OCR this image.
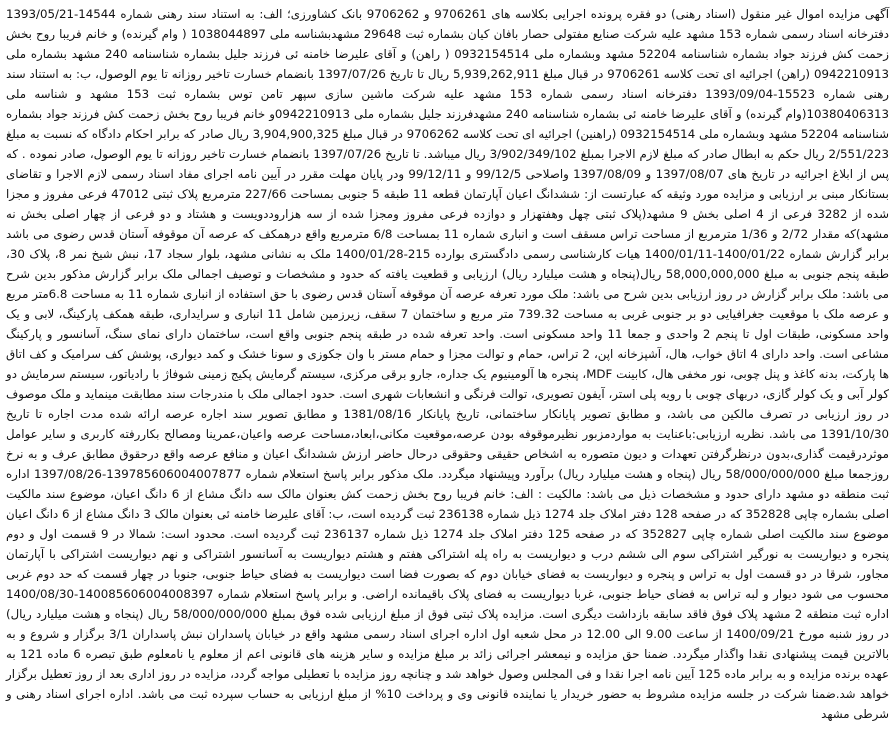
آگهی مزایده اموال غیر منقول (اسناد رهنی) دو فقره پرونده اجرایی بکلاسه های 9706261 و 9706262 بانک کشاورزی؛ الف: به استناد سند رهنی شماره 14544-1393/05/21 دفترخانه اسناد رسمی شماره 153 مشهد علیه شرکت صنایع مفتولی حصار بافان کیان بشماره ثبت 29648 مشهدبشناسه ملی 1038044897 ( وام گیرنده) و خانم فریبا روح بخش زحمت کش فرزند جواد بشماره شناسنامه 52204 مشهد وبشماره ملی 0932154514 ( راهن) و آقای علیرضا خامنه ئی فرزند جلیل بشماره شناسنامه 240 مشهد بشماره ملی 0942210913 (راهن) اجرائیه ای تحت کلاسه 9706261 در قبال مبلغ 5,939,262,911 ریال تا تاریخ 1397/07/26 بانضمام خسارت تاخیر روزانه تا یوم الوصول، ب: به استناد سند رهنی شماره 15523-1393/09/04 دفترخانه اسناد رسمی شماره 153 مشهد علیه شرکت ماشین سازی سپهر تامن توس بشماره ثبت 153 مشهد و شناسه ملی 10380406313(وام گیرنده) و آقای علیرضا خامنه ئی بشماره شناسنامه 240 مشهدفرزند جلیل بشماره ملی 0942210913و خانم فریبا روح بخش زحمت کش فرزند جواد بشماره شناسنامه 52204 مشهد وبشماره ملی 0932154514 (راهنین) اجرائیه ای تحت کلاسه 9706262 در قبال مبلغ 3,904,900,325 ریال صادر که برابر احکام دادگاه که نسبت به مبلغ 2/551/223 ریال حکم به ابطال صادر که مبلغ لازم الاجرا بمبلغ 3/902/349/102 ریال میباشد. تا تاریخ 1397/07/26 بانضمام خسارت تاخیر روزانه تا یوم الوصول، صادر نموده . که پس از ابلاغ اجرائیه در تاریخ های 1397/08/07 و 1397/08/09 واصلاحی 99/12/5 و 99/12/11 ودر پایان مهلت مقرر در آیین نامه اجرای مفاد اسناد رسمی لازم الاجرا و تقاضای بستانکار مبنی بر ارزیابی و مزایده مورد وثیقه که عبارتست از: ششدانگ اعیان آپارتمان قطعه 11 طبقه 5 جنوبی بمساحت 227/66 مترمربع پلاک ثبتی 47012 فرعی مفروز و مجزا شده از 3282 فرعی از 4 اصلی بخش 9 مشهد(پلاک ثبتی چهل وهفتهزار و دوازده فرعی مفروز ومجزا شده از سه هزاروددویست و هشتاد و دو فرعی از چهار اصلی بخش نه مشهد)که مقدار 2/72 و 1/36 مترمربع از مساحت تراس مسقف است و انباری شماره 11 بمساحت 6/8 مترمربع واقع درهمکف که عرصه آن موقوفه آستان قدس رضوی می باشد برابر گزارش شماره 1400/01/22-1400/01/11 هیات کارشناسی رسمی دادگستری بوارده 215-1400/01/28 ملک به نشانی مشهد، بلوار سجاد 17، نبش شیخ نمر 8، پلاک 30، طبقه پنجم جنوبی به مبلغ 58,000,000,000 ریال(پنجاه و هشت میلیارد ریال) ارزیابی و قطعیت یافته که حدود و مشخصات و توصیف اجمالی ملک برابر گزارش مذکور بدین شرح می باشد: ملک برابر گزارش در روز ارزیابی بدین شرح می باشد: ملک مورد تعرفه عرصه آن موقوفه آستان قدس رضوی با حق استفاده از انباری شماره 11 به مساحت 6.8متر مربع و عرصه ملک با موقعیت جغرافیایی دو بر جنوبی غربی به مساحت 739.32 متر مربع و ساختمان 7 سقف، زیرزمین شامل 11 انباری و سرایداری، طبقه همکف پارکینگ، لابی و یک واحد مسکونی، طبقات اول تا پنجم 2 واحدی و جمعا 11 واحد مسکونی است. واحد تعرفه شده در طبقه پنجم جنوبی واقع است، ساختمان دارای نمای سنگ، آسانسور و پارکینگ مشاعی است. واحد دارای 4 اتاق خواب، هال، آشپزخانه اپن، 2 تراس، حمام و توالت مجزا و حمام مستر با وان جکوزی و سونا خشک و کمد دیواری، پوشش کف سرامیک و کف اتاق ها پارکت، بدنه کاغذ و پنل چوبی، نور مخفی هال، کابینت MDF، پنجره ها آلومینیوم یک جداره، جارو برقی مرکزی، سیستم گرمایش پکیج زمینی شوفاژ با رادیاتور، سیستم سرمایش دو کولر آبی و یک کولر گازی، دربهای چوبی با رویه پلی استر، آیفون تصویری، توالت فرنگی و انشعابات شهری است. حدود اجمالی ملک با مندرجات سند مطابقت مینماید و ملک موصوف در روز ارزیابی در تصرف مالکین می باشد، و مطابق تصویر پایانکار ساختمانی، تاریخ پایانکار 1381/08/16 و مطابق تصویر سند اجاره عرصه ارائه شده مدت اجاره تا تاریخ 1391/10/30 می باشد. نظریه ارزیابی:باعنایت به مواردمزبور نظیرموقوفه بودن عرصه،موقعیت مکانی،ابعاد،مساحت عرصه واعیان،عمرینا ومصالح بکاررفته کاربری و سایر عوامل موثردرقیمت گذاری،بدون درنظرگرفتن تعهدات و دیون متصوره به اشخاص حقیقی وحقوقی درحال حاضر ارزش ششدانگ اعیان و منافع عرصه واقع درحقوق مطابق عرف و به نرخ روزجمعا مبلغ 58/000/000/000 ریال (پنجاه و هشت میلیارد ریال) برآورد وپیشنهاد میگردد. ملک مذکور برابر پاسخ استعلام شماره 139785606004007877-1397/08/26 اداره ثبت منطقه دو مشهد دارای حدود و مشخصات ذیل می باشد: مالکیت : الف: خانم فریبا روح بخش زحمت کش بعنوان مالک سه دانگ مشاع از 6 دانگ اعیان، موضوع سند مالکیت اصلی بشماره چاپی 352828 که در صفحه 128 دفتر املاک جلد 1274 ذیل شماره 236138 ثبت گردیده است، ب: آقای علیرضا خامنه ئی بعنوان مالک 3 دانگ مشاع از 6 دانگ اعیان موضوع سند مالکیت اصلی شماره چاپی 352827 که در صفحه 125 دفتر املاک جلد 1274 ذیل شماره 236137 ثبت گردیده است. محدود است: شمالا در 9 قسمت اول و دوم پنجره و دیواریست به نورگیر اشتراکی سوم الی ششم درب و دیواریست به راه پله اشتراکی هفتم و هشتم دیواریست به آسانسور اشتراکی و نهم دیواریست اشتراکی با آپارتمان مجاور، شرقا در دو قسمت اول به تراس و پنجره و دیواریست به فضای خیابان دوم که بصورت فضا است دیواریست به فضای حیاط جنوبی، جنوبا در چهار قسمت که حد دوم غربی محسوب می شود دیوار و لبه تراس به فضای حیاط جنوبی، غربا دیواریست به فضای پلاک باقیمانده اراضی. و برابر پاسخ استعلام شماره 140085606004008397-1400/08/30 اداره ثبت منطقه 2 مشهد پلاک فوق فاقد سابقه بازداشت دیگری است. مزایده پلاک ثبتی فوق از مبلغ ارزیابی شده فوق بمبلغ 58/000/000/000 ریال (پنجاه و هشت میلیارد ریال) در روز شنبه مورخ 1400/09/21 از ساعت 9.00 الی 12.00 در محل شعبه اول اداره اجرای اسناد رسمی مشهد واقع در خیابان پاسداران نبش پاسداران 3/1 برگزار و شروع و به بالاترین قیمت پیشنهادی نقدا واگذار میگردد. ضمنا حق مزایده و نیمعشر اجرائی زائد بر مبلغ مزایده و سایر هزینه های قانونی اعم از معلوم یا نامعلوم طبق تبصره 6 ماده 121 به عهده برنده مزایده و به برابر ماده 125 آیین نامه اجرا نقدا و فی المجلس وصول خواهد شد و چنانچه روز مزایده با تعطیلی مواجه گردد، مزایده در روز اداری بعد از روز تعطیل برگزار خواهد شد.ضمنا شرکت در جلسه مزایده مشروط به حضور خریدار یا نماینده قانونی وی و پرداخت 10% از مبلغ ارزیابی به حساب سپرده ثبت می باشد. اداره اجرای اسناد رهنی و شرطی مشهد
